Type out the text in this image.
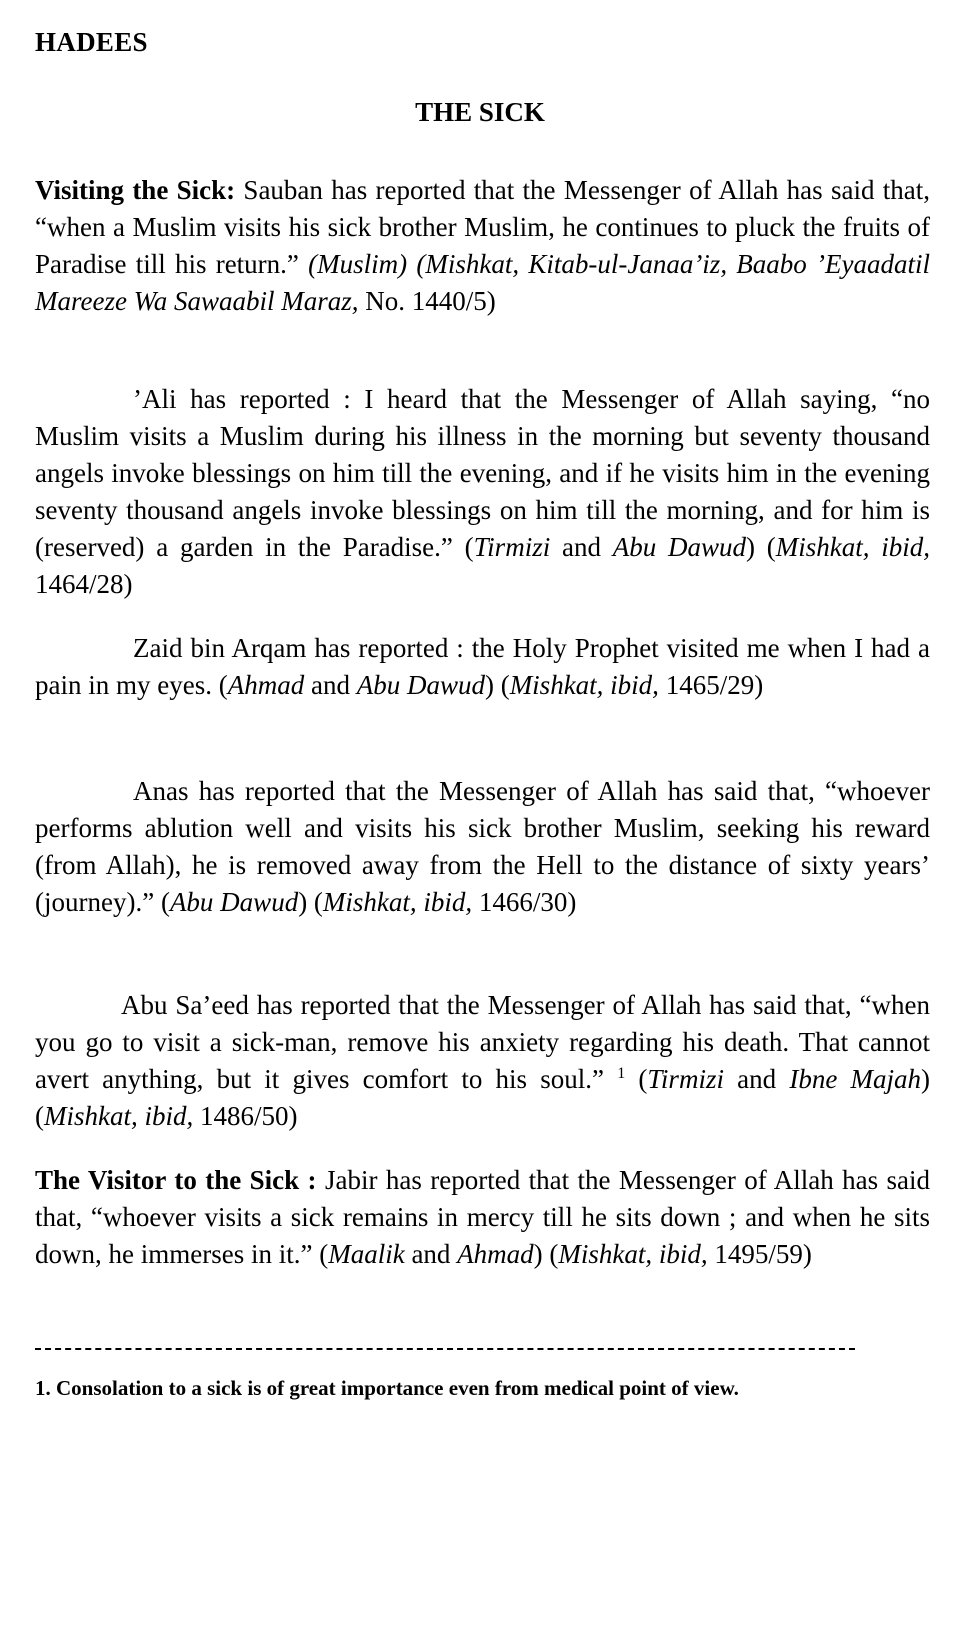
HADEES
THE SICK

Visiting the Sick: Sauban has reported that the Messenger of Allah has said that, “when a Muslim visits his sick brother Muslim, he continues to pluck the fruits of Paradise till his return.” (Muslim) (Mishkat, Kitab-ul-Janaa’iz, Baabo ’Eyaadatil Mareeze Wa Sawaabil Maraz, No. 1440/5)

’Ali has reported : I heard that the Messenger of Allah saying, “no Muslim visits a Muslim during his illness in the morning but seventy thousand angels invoke blessings on him till the evening, and if he visits him in the evening seventy thousand angels invoke blessings on him till the morning, and for him is (reserved) a garden in the Paradise.” (Tirmizi and Abu Dawud) (Mishkat, ibid, 1464/28)

Zaid bin Arqam has reported : the Holy Prophet visited me when I had a pain in my eyes. (Ahmad and Abu Dawud) (Mishkat, ibid, 1465/29)

Anas has reported that the Messenger of Allah has said that, “whoever performs ablution well and visits his sick brother Muslim, seeking his reward (from Allah), he is removed away from the Hell to the distance of sixty years’ (journey).” (Abu Dawud) (Mishkat, ibid, 1466/30)

Abu Sa’eed has reported that the Messenger of Allah has said that, “when you go to visit a sick-man, remove his anxiety regarding his death. That cannot avert anything, but it gives comfort to his soul.” $^1$ (Tirmizi and Ibne Majah) (Mishkat, ibid, 1486/50)

The Visitor to the Sick : Jabir has reported that the Messenger of Allah has said that, “whoever visits a sick remains in mercy till he sits down ; and when he sits down, he immerses in it.” (Maalik and Ahmad) (Mishkat, ibid, 1495/59)

1. Consolation to a sick is of great importance even from medical point of view.
